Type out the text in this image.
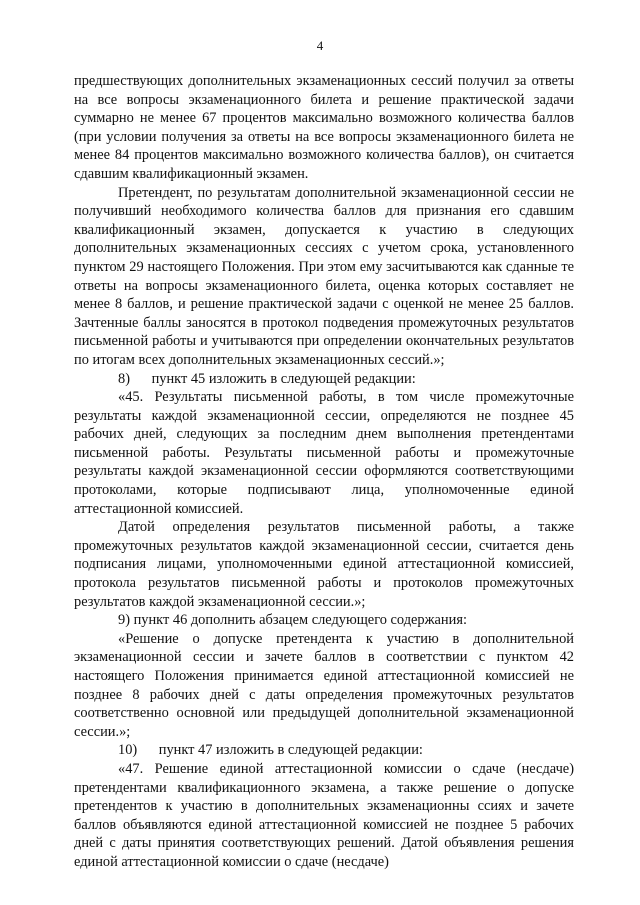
4

предшествующих дополнительных экзаменационных сессий получил за ответы на все вопросы экзаменационного билета и решение практической задачи суммарно не менее 67 процентов максимально возможного количества баллов (при условии получения за ответы на все вопросы экзаменационного билета не менее 84 процентов максимально возможного количества баллов), он считается сдавшим квалификационный экзамен.

Претендент, по результатам дополнительной экзаменационной сессии не получивший необходимого количества баллов для признания его сдавшим квалификационный экзамен, допускается к участию в следующих дополнительных экзаменационных сессиях с учетом срока, установленного пунктом 29 настоящего Положения. При этом ему засчитываются как сданные те ответы на вопросы экзаменационного билета, оценка которых составляет не менее 8 баллов, и решение практической задачи с оценкой не менее 25 баллов. Зачтенные баллы заносятся в протокол подведения промежуточных результатов письменной работы и учитываются при определении окончательных результатов по итогам всех дополнительных экзаменационных сессий.»;

8)      пункт 45 изложить в следующей редакции:

«45. Результаты письменной работы, в том числе промежуточные результаты каждой экзаменационной сессии, определяются не позднее 45 рабочих дней, следующих за последним днем выполнения претендентами письменной работы. Результаты письменной работы и промежуточные результаты каждой экзаменационной сессии оформляются соответствующими протоколами, которые подписывают лица, уполномоченные единой аттестационной комиссией.

Датой определения результатов письменной работы, а также промежуточных результатов каждой экзаменационной сессии, считается день подписания лицами, уполномоченными единой аттестационной комиссией, протокола результатов письменной работы и протоколов промежуточных результатов каждой экзаменационной сессии.»;

9) пункт 46 дополнить абзацем следующего содержания:

«Решение о допуске претендента к участию в дополнительной экзаменационной сессии и зачете баллов в соответствии с пунктом 42 настоящего Положения принимается единой аттестационной комиссией не позднее 8 рабочих дней с даты определения промежуточных результатов соответственно основной или предыдущей дополнительной экзаменационной сессии.»;

10)      пункт 47 изложить в следующей редакции:

«47. Решение единой аттестационной комиссии о сдаче (несдаче) претендентами квалификационного экзамена, а также решение о допуске претендентов к участию в дополнительных экзаменационны ссиях и зачете баллов объявляются единой аттестационной комиссией не позднее 5 рабочих дней с даты принятия соответствующих решений. Датой объявления решения единой аттестационной комиссии о сдаче (несдаче)
